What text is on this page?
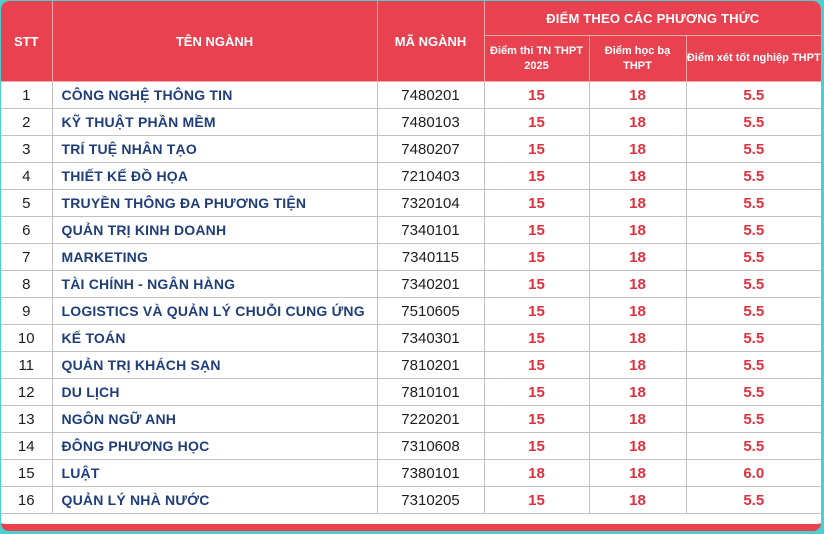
STT	TÊN NGÀNH	MÃ NGÀNH	ĐIỂM THEO CÁC PHƯƠNG THỨC		
			Điểm thi TN THPT 2025	Điểm học bạ THPT	Điểm xét tốt nghiệp THPT
1	CÔNG NGHỆ THÔNG TIN	7480201	15	18	5.5
2	KỸ THUẬT PHẦN MỀM	7480103	15	18	5.5
3	TRÍ TUỆ NHÂN TẠO	7480207	15	18	5.5
4	THIẾT KẾ ĐỒ HỌA	7210403	15	18	5.5
5	TRUYỀN THÔNG ĐA PHƯƠNG TIỆN	7320104	15	18	5.5
6	QUẢN TRỊ KINH DOANH	7340101	15	18	5.5
7	MARKETING	7340115	15	18	5.5
8	TÀI CHÍNH - NGÂN HÀNG	7340201	15	18	5.5
9	LOGISTICS VÀ QUẢN LÝ CHUỖI CUNG ỨNG	7510605	15	18	5.5
10	KẾ TOÁN	7340301	15	18	5.5
11	QUẢN TRỊ KHÁCH SẠN	7810201	15	18	5.5
12	DU LỊCH	7810101	15	18	5.5
13	NGÔN NGỮ ANH	7220201	15	18	5.5
14	ĐÔNG PHƯƠNG HỌC	7310608	15	18	5.5
15	LUẬT	7380101	18	18	6.0
16	QUẢN LÝ NHÀ NƯỚC	7310205	15	18	5.5
